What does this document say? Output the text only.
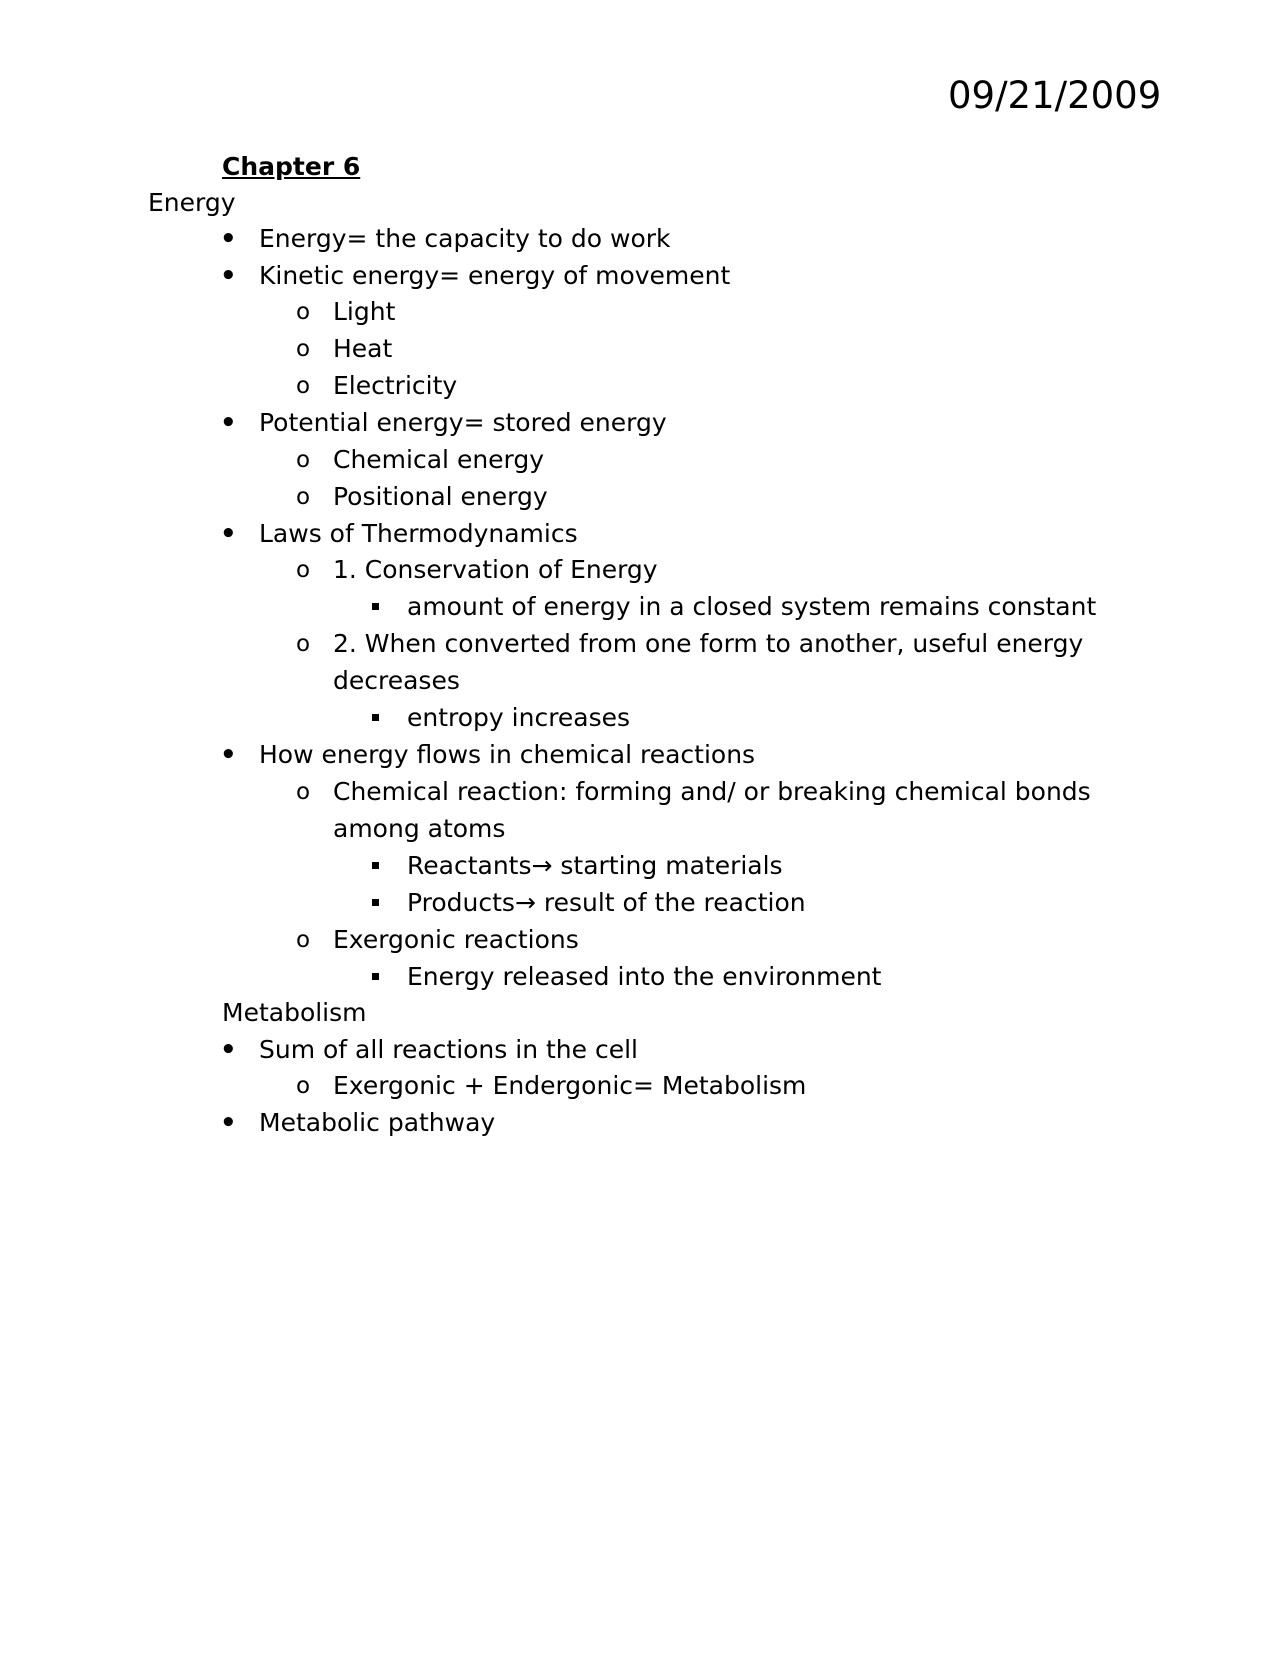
09/21/2009
Chapter 6
Energy
• Energy= the capacity to do work
• Kinetic energy= energy of movement
o Light
o Heat
o Electricity
• Potential energy= stored energy
o Chemical energy
o Positional energy
• Laws of Thermodynamics
o 1. Conservation of Energy
amount of energy in a closed system remains constant
o 2. When converted from one form to another, useful energy
decreases
entropy increases
• How energy flows in chemical reactions
o Chemical reaction: forming and/ or breaking chemical bonds
among atoms
Reactants→ starting materials
Products→ result of the reaction
o Exergonic reactions
Energy released into the environment
Metabolism
• Sum of all reactions in the cell
o Exergonic + Endergonic= Metabolism
• Metabolic pathway
